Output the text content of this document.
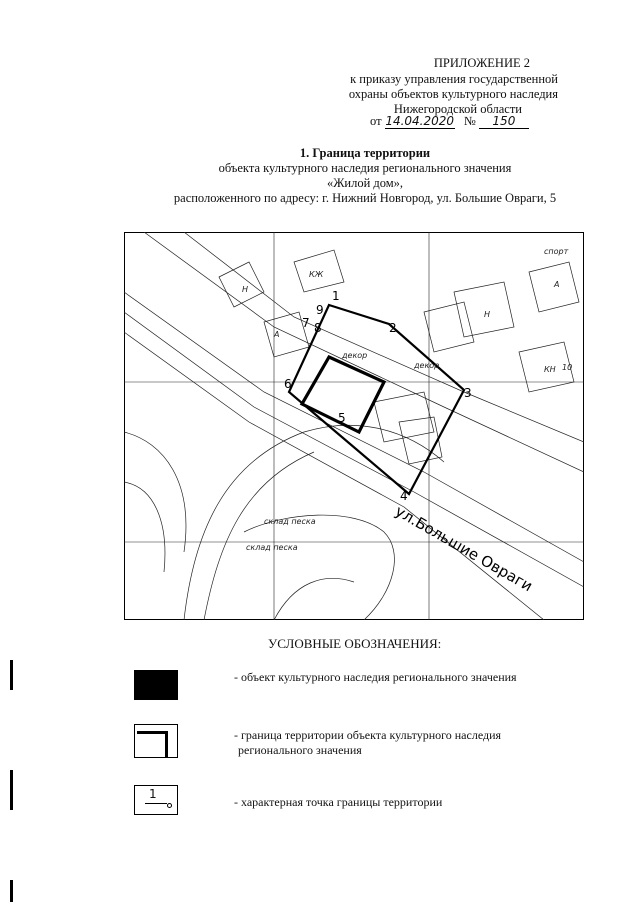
ПРИЛОЖЕНИЕ 2
к приказу управления государственной
охраны объектов культурного наследия
Нижегородской области
от 14.04.2020 № 150
1. Граница территории
объекта культурного наследия регионального значения
«Жилой дом»,
расположенного по адресу: г. Нижний Новгород, ул. Большие Овраги, 5
1
2
3
4
5
6
7 8
9
Н
КЖ
А
Н
КН
А
декор
декор
склад песка
склад песка
спорт
10
ул.Большие Овраги
УСЛОВНЫЕ ОБОЗНАЧЕНИЯ:
- объект культурного наследия регионального значения
- граница территории объекта культурного наследия
регионального значения
1
- характерная точка границы территории
